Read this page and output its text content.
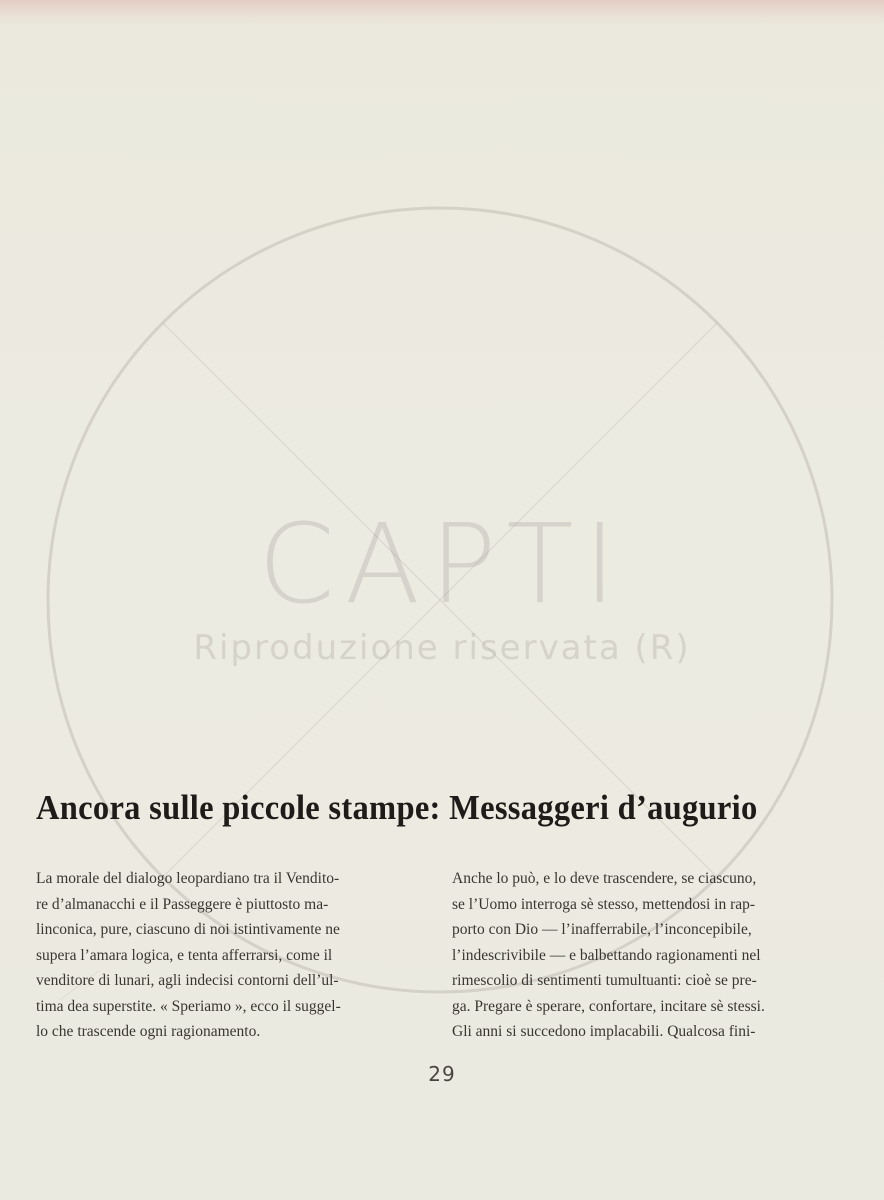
CAPTI
Riproduzione riservata (R)
Ancora sulle piccole stampe: Messaggeri d’augurio
La morale del dialogo leopardiano tra il Vendito-
re d’almanacchi e il Passeggere è piuttosto ma-
linconica, pure, ciascuno di noi istintivamente ne
supera l’amara logica, e tenta afferrarsi, come il
venditore di lunari, agli indecisi contorni dell’ul-
tima dea superstite. « Speriamo », ecco il suggel-
lo che trascende ogni ragionamento.
Anche lo può, e lo deve trascendere, se ciascuno,
se l’Uomo interroga sè stesso, mettendosi in rap-
porto con Dio — l’inafferrabile, l’inconcepibile,
l’indescrivibile — e balbettando ragionamenti nel
rimescolio di sentimenti tumultuanti: cioè se pre-
ga. Pregare è sperare, confortare, incitare sè stessi.
Gli anni si succedono implacabili. Qualcosa fini-
29
